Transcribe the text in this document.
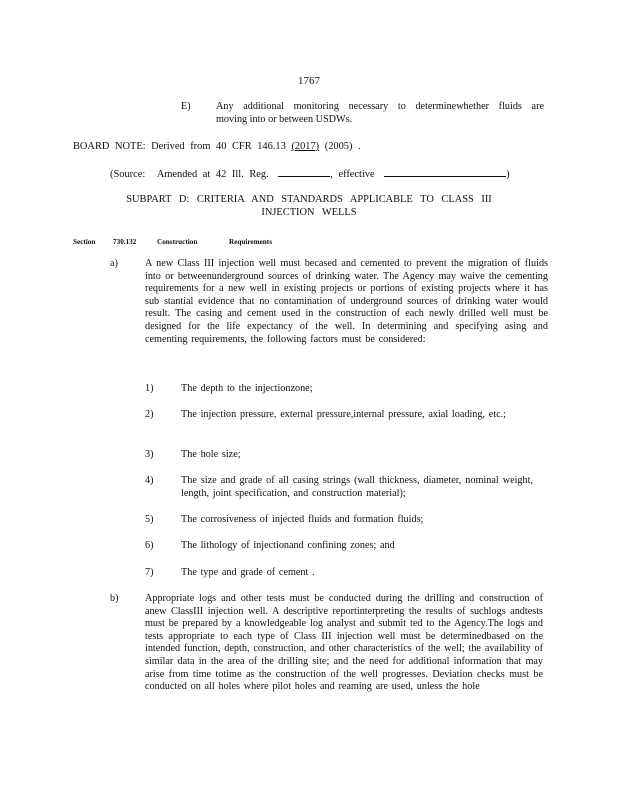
1767
E) Any additional monitoring necessary to determinewhether fluids are
moving into or between USDWs.
BOARD NOTE: Derived from 40 CFR 146.13 (2017) (2005) .
(Source: Amended at 42 Ill. Reg.	, effective	)
SUBPART D: CRITERIA AND STANDARDS APPLICABLE TO CLASS III
INJECTION WELLS
Section 730.132	Construction	Requirements
a)	A new Class III injection well must becased and cemented to prevent the migration of fluids into or betweenunderground sources of drinking water. The Agency may waive the cementing requirements for a new well in existing projects or portions of existing projects where it has sub stantial evidence that no contamination of underground sources of drinking water would result. The casing and cement used in the construction of each newly drilled well must be designed for the life expectancy of the well. In determining and specifying asing and cementing requirements, the following factors must be considered:
1)	The depth to the injectionzone;
2)	The injection pressure, external pressure,internal pressure, axial loading, etc.;
3)	The hole size;
4)	The size and grade of all casing strings (wall thickness, diameter, nominal weight, length, joint specification, and construction material);
5)	The corrosiveness of injected fluids and formation fluids;
6)	The lithology of injectionand confining zones; and
7)	The type and grade of cement .
b)	Appropriate logs and other tests must be conducted during the drilling and construction of anew ClassIII injection well. A descriptive reportinterpreting the results of suchlogs andtests must be prepared by a knowledgeable log analyst and submit ted to the Agency.The logs and tests appropriate to each type of Class III injection well must be determinedbased on the intended function, depth, construction, and other characteristics of the well; the availability of similar data in the area of the drilling site; and the need for additional information that may arise from time totime as the construction of the well progresses. Deviation checks must be conducted on all holes where pilot holes and reaming are used, unless the hole
